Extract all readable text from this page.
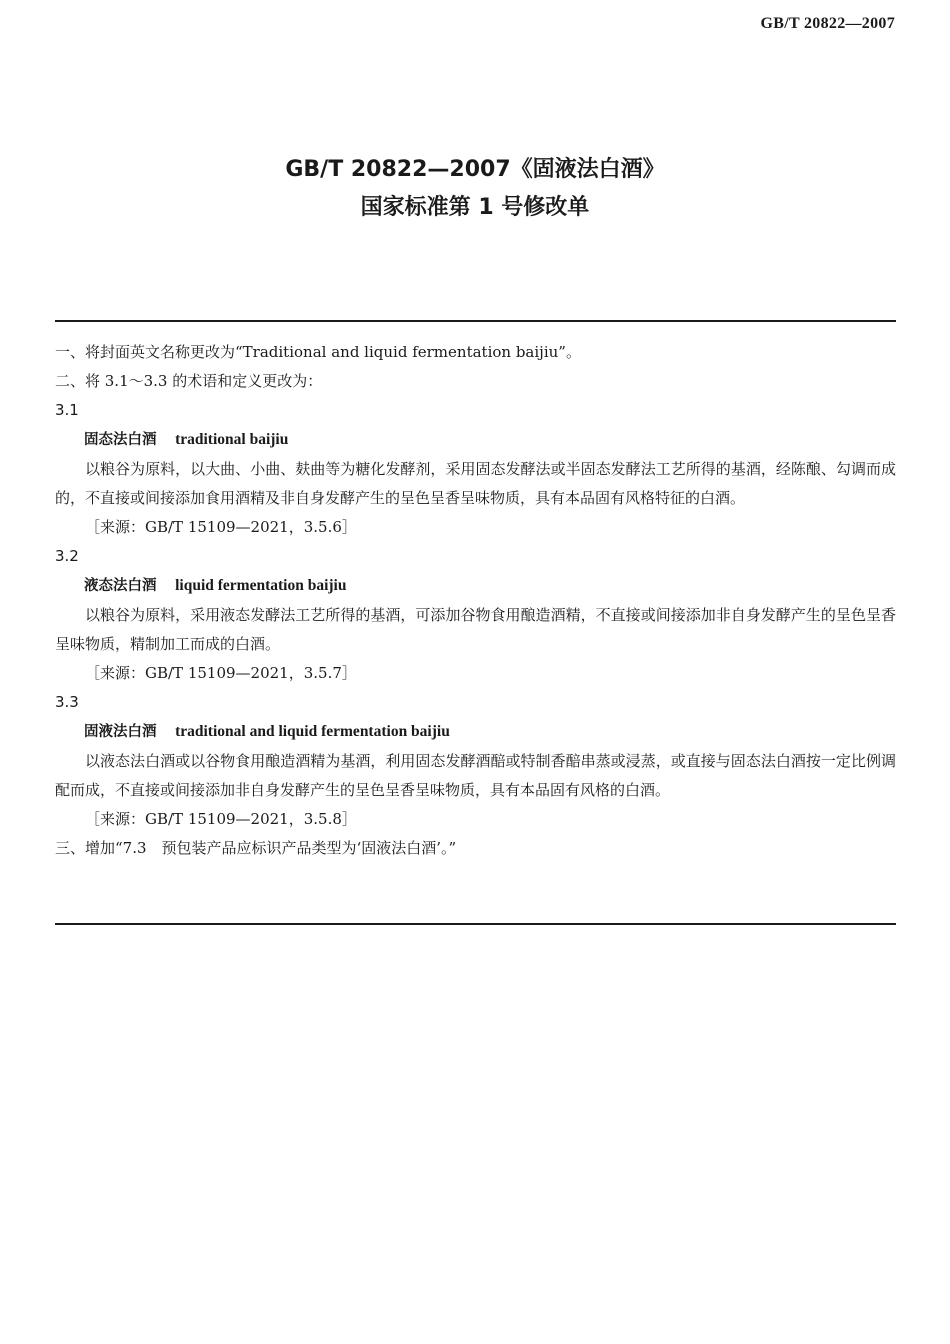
GB/T 20822—2007
GB/T 20822—2007《固液法白酒》
国家标准第 1 号修改单

一、将封面英文名称更改为“Traditional and liquid fermentation baijiu”。

二、将 3.1～3.3 的术语和定义更改为：

3.1

固态法白酒 traditional baijiu

以粮谷为原料，以大曲、小曲、麸曲等为糖化发酵剂，采用固态发酵法或半固态发酵法工艺所得的基酒，经陈酿、勾调而成的，不直接或间接添加食用酒精及非自身发酵产生的呈色呈香呈味物质，具有本品固有风格特征的白酒。

［来源：GB/T 15109—2021，3.5.6］

3.2

液态法白酒 liquid fermentation baijiu

以粮谷为原料，采用液态发酵法工艺所得的基酒，可添加谷物食用酿造酒精，不直接或间接添加非自身发酵产生的呈色呈香呈味物质，精制加工而成的白酒。

［来源：GB/T 15109—2021，3.5.7］

3.3

固液法白酒 traditional and liquid fermentation baijiu

以液态法白酒或以谷物食用酿造酒精为基酒，利用固态发酵酒醅或特制香醅串蒸或浸蒸，或直接与固态法白酒按一定比例调配而成，不直接或间接添加非自身发酵产生的呈色呈香呈味物质，具有本品固有风格的白酒。

［来源：GB/T 15109—2021，3.5.8］

三、增加“7.3　预包装产品应标识产品类型为‘固液法白酒’。”
